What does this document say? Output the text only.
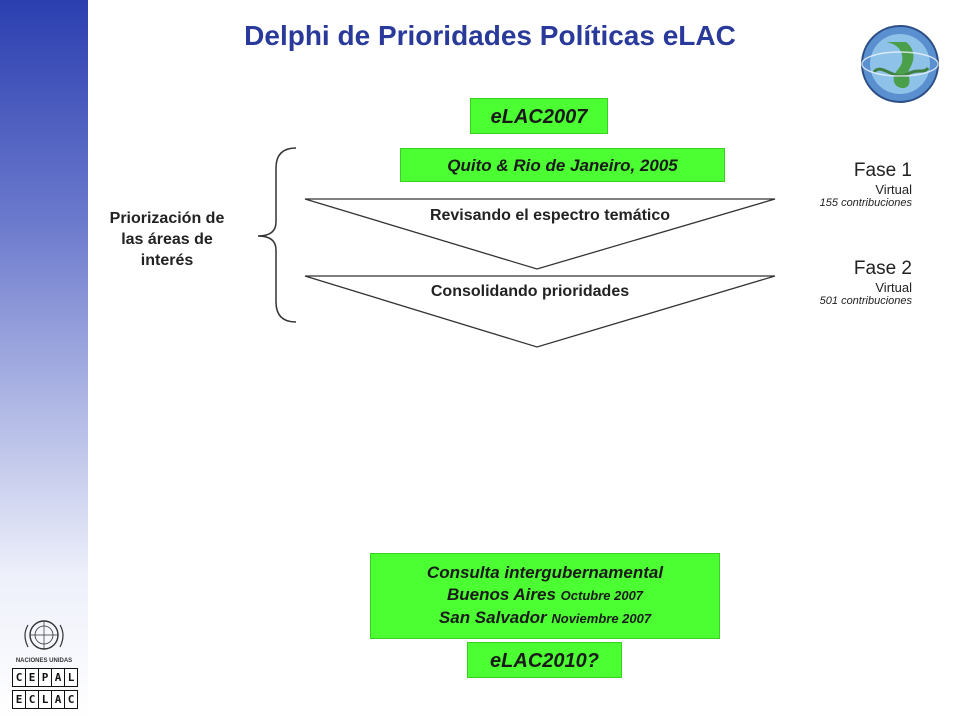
Delphi de Prioridades Políticas eLAC
eLAC2007
Quito & Rio de Janeiro, 2005
Revisando el espectro temático
Consolidando prioridades
Priorización de
las áreas de
interés
Fase 1
Virtual
155 contribuciones
Fase 2
Virtual
501 contribuciones
Consulta intergubernamental
Buenos Aires Octubre 2007
San Salvador Noviembre 2007
eLAC2010?
NACIONES UNIDAS
C E P A L
E C L A C
